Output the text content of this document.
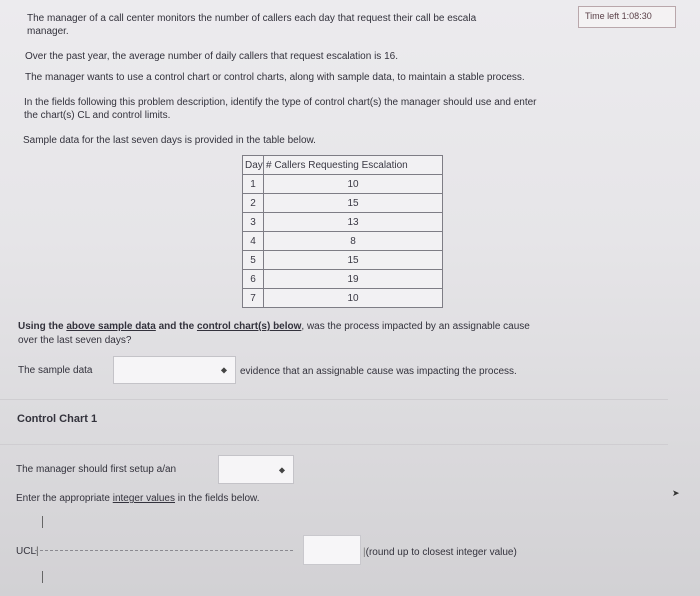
Time left 1:08:30
The manager of a call center monitors the number of callers each day that request their call be escala
manager.
Over the past year, the average number of daily callers that request escalation is 16.
The manager wants to use a control chart or control charts, along with sample data, to maintain a stable process.
In the fields following this problem description, identify the type of control chart(s) the manager should use and enter
the chart(s) CL and control limits.
Sample data for the last seven days is provided in the table below.
Day	# Callers Requesting Escalation
1	10
2	15
3	13
4	8
5	15
6	19
7	10
Using the above sample data and the control chart(s) below, was the process impacted by an assignable cause
over the last seven days?
The sample data	◆ evidence that an assignable cause was impacting the process.
Control Chart 1
The manager should first setup a/an	◆
Enter the appropriate integer values in the fields below.
UCL|	|(round up to closest integer value)
➤
